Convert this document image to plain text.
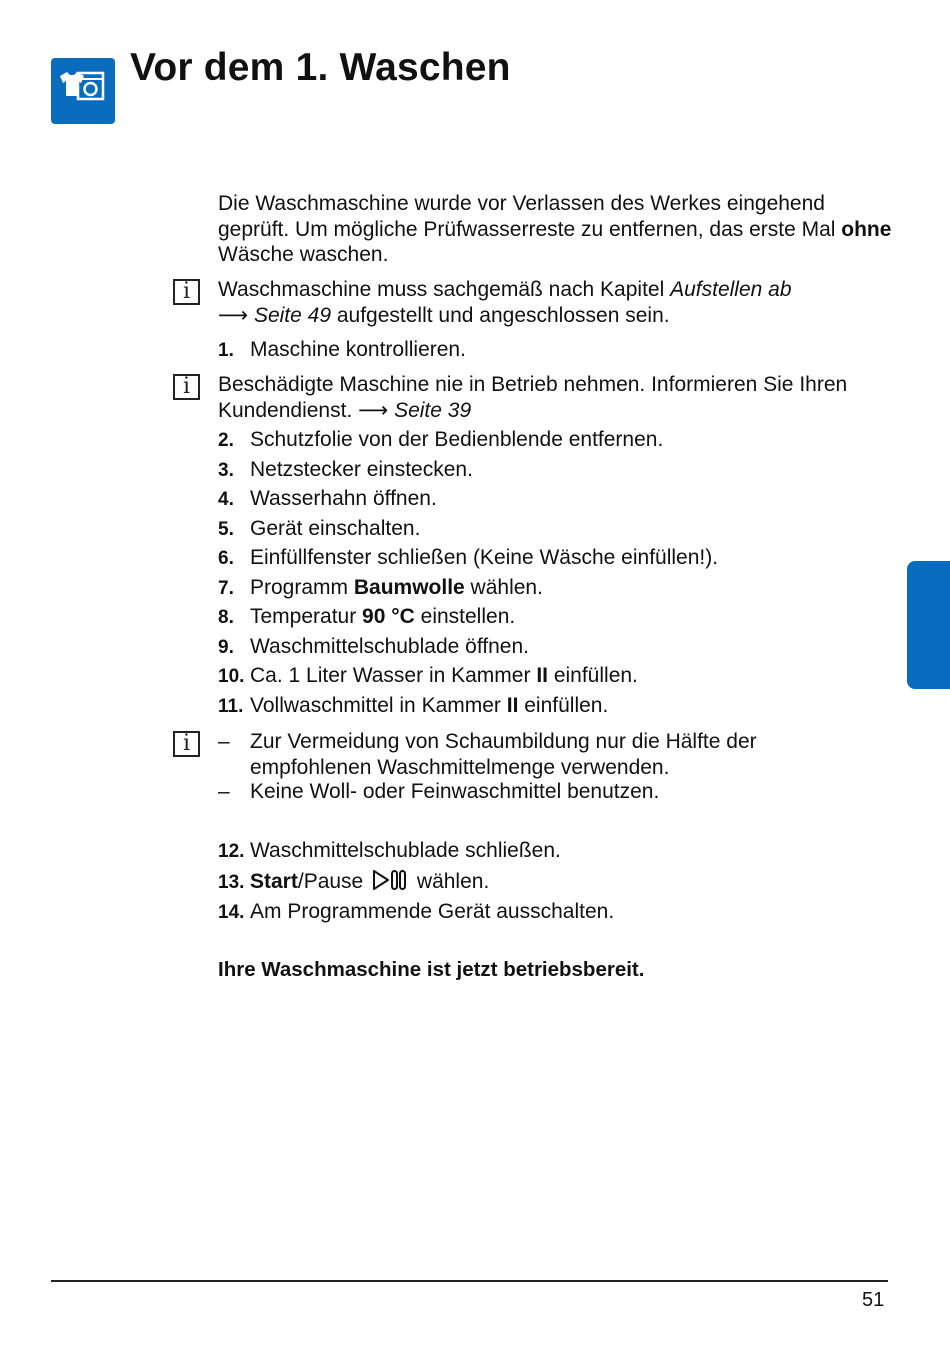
Vor dem 1. Waschen
Die Waschmaschine wurde vor Verlassen des Werkes eingehend geprüft. Um mögliche Prüfwasserreste zu entfernen, das erste Mal ohne Wäsche waschen.
i	Waschmaschine muss sachgemäß nach Kapitel Aufstellen ab
⟶ Seite 49 aufgestellt und angeschlossen sein.
1. Maschine kontrollieren.
i	Beschädigte Maschine nie in Betrieb nehmen. Informieren Sie Ihren Kundendienst. ⟶ Seite 39
2. Schutzfolie von der Bedienblende entfernen.
3. Netzstecker einstecken.
4. Wasserhahn öffnen.
5. Gerät einschalten.
6. Einfüllfenster schließen (Keine Wäsche einfüllen!).
7. Programm Baumwolle wählen.
8. Temperatur 90 °C einstellen.
9. Waschmittelschublade öffnen.
10. Ca. 1 Liter Wasser in Kammer II einfüllen.
11. Vollwaschmittel in Kammer II einfüllen.
i	– Zur Vermeidung von Schaumbildung nur die Hälfte der empfohlenen Waschmittelmenge verwenden.
– Keine Woll- oder Feinwaschmittel benutzen.
12. Waschmittelschublade schließen.
13. Start/Pause  wählen.
14. Am Programmende Gerät ausschalten.
Ihre Waschmaschine ist jetzt betriebsbereit.
51
